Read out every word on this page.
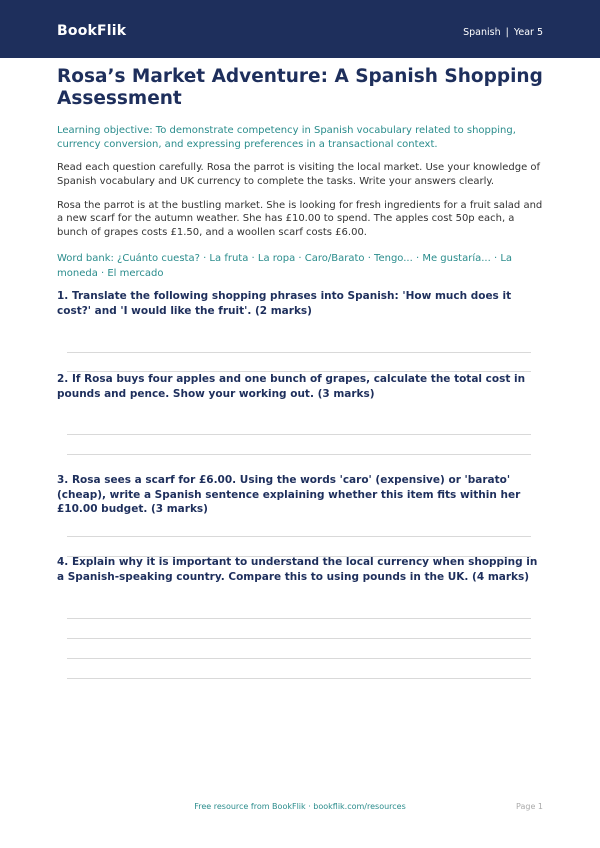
BookFlik	Spanish | Year 5
Rosa’s Market Adventure: A Spanish Shopping Assessment
Learning objective: To demonstrate competency in Spanish vocabulary related to shopping, currency conversion, and expressing preferences in a transactional context.
Read each question carefully. Rosa the parrot is visiting the local market. Use your knowledge of Spanish vocabulary and UK currency to complete the tasks. Write your answers clearly.
Rosa the parrot is at the bustling market. She is looking for fresh ingredients for a fruit salad and a new scarf for the autumn weather. She has £10.00 to spend. The apples cost 50p each, a bunch of grapes costs £1.50, and a woollen scarf costs £6.00.
Word bank: ¿Cuánto cuesta? · La fruta · La ropa · Caro/Barato · Tengo... · Me gustaría... · La moneda · El mercado
1. Translate the following shopping phrases into Spanish: 'How much does it cost?' and 'I would like the fruit'. (2 marks)
2. If Rosa buys four apples and one bunch of grapes, calculate the total cost in pounds and pence. Show your working out. (3 marks)
3. Rosa sees a scarf for £6.00. Using the words 'caro' (expensive) or 'barato' (cheap), write a Spanish sentence explaining whether this item fits within her £10.00 budget. (3 marks)
4. Explain why it is important to understand the local currency when shopping in a Spanish-speaking country. Compare this to using pounds in the UK. (4 marks)
Free resource from BookFlik · bookflik.com/resources	Page 1
